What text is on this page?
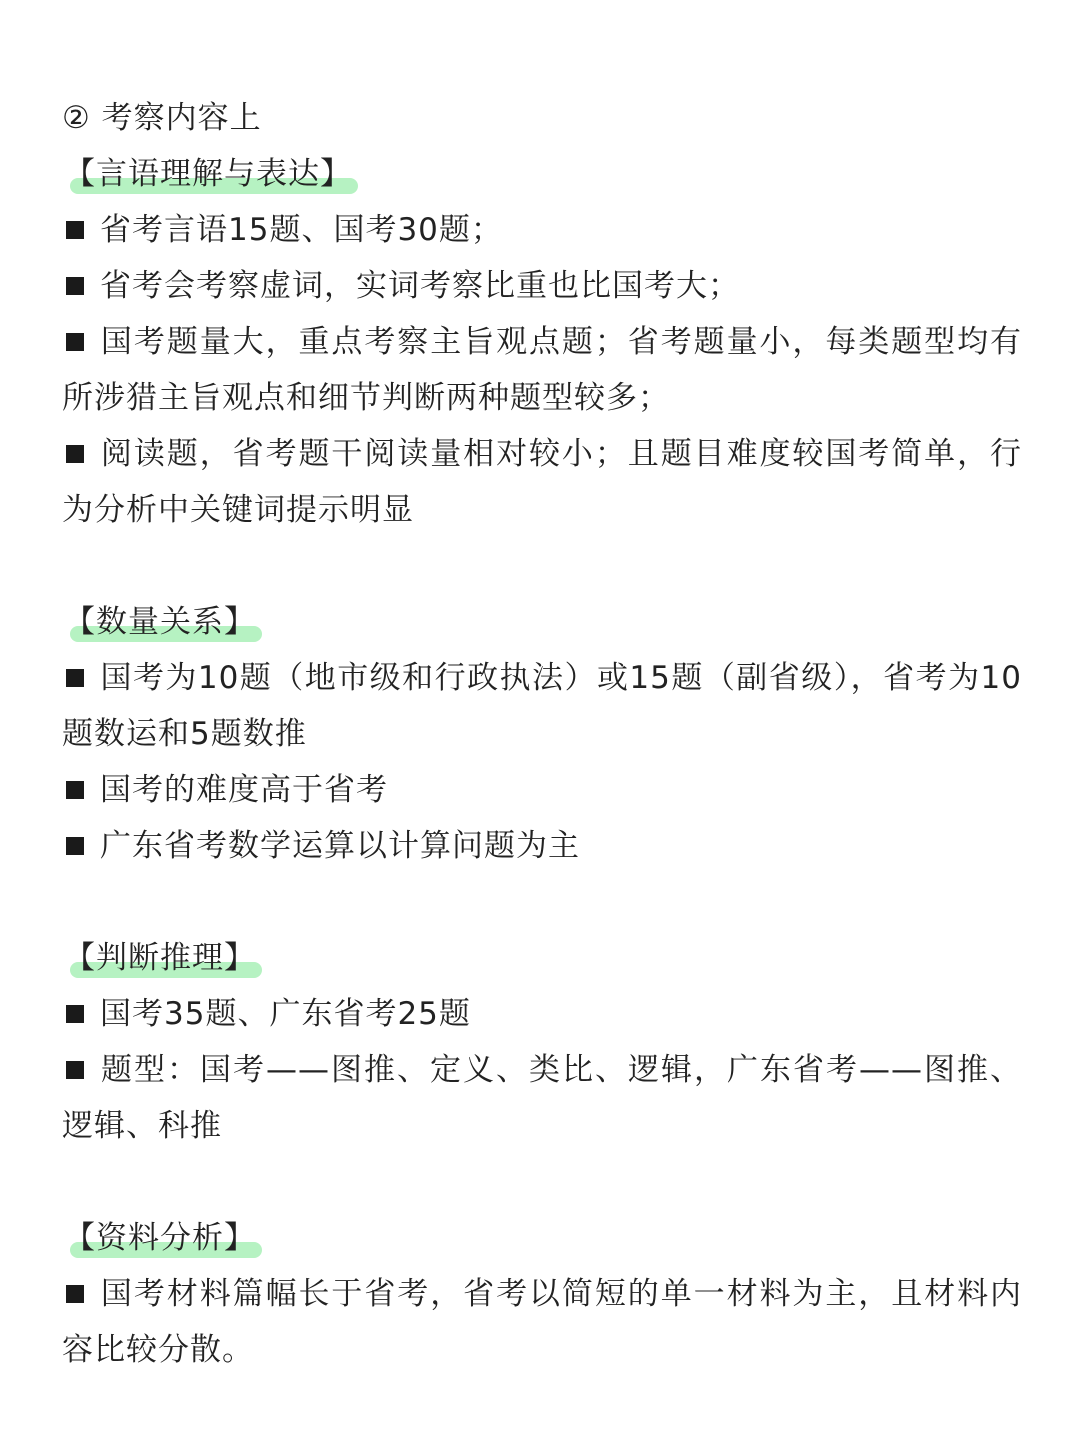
② 考察内容上
【言语理解与表达】
省考言语15题、国考30题；
省考会考察虚词，实词考察比重也比国考大；
国考题量大，重点考察主旨观点题；省考题量小，每类题型均有所涉猎主旨观点和细节判断两种题型较多；
阅读题，省考题干阅读量相对较小；且题目难度较国考简单，行为分析中关键词提示明显
【数量关系】
国考为10题（地市级和行政执法）或15题（副省级），省考为10题数运和5题数推
国考的难度高于省考
广东省考数学运算以计算问题为主
【判断推理】
国考35题、广东省考25题
题型：国考——图推、定义、类比、逻辑，广东省考——图推、逻辑、科推
【资料分析】
国考材料篇幅长于省考，省考以简短的单一材料为主，且材料内容比较分散。
